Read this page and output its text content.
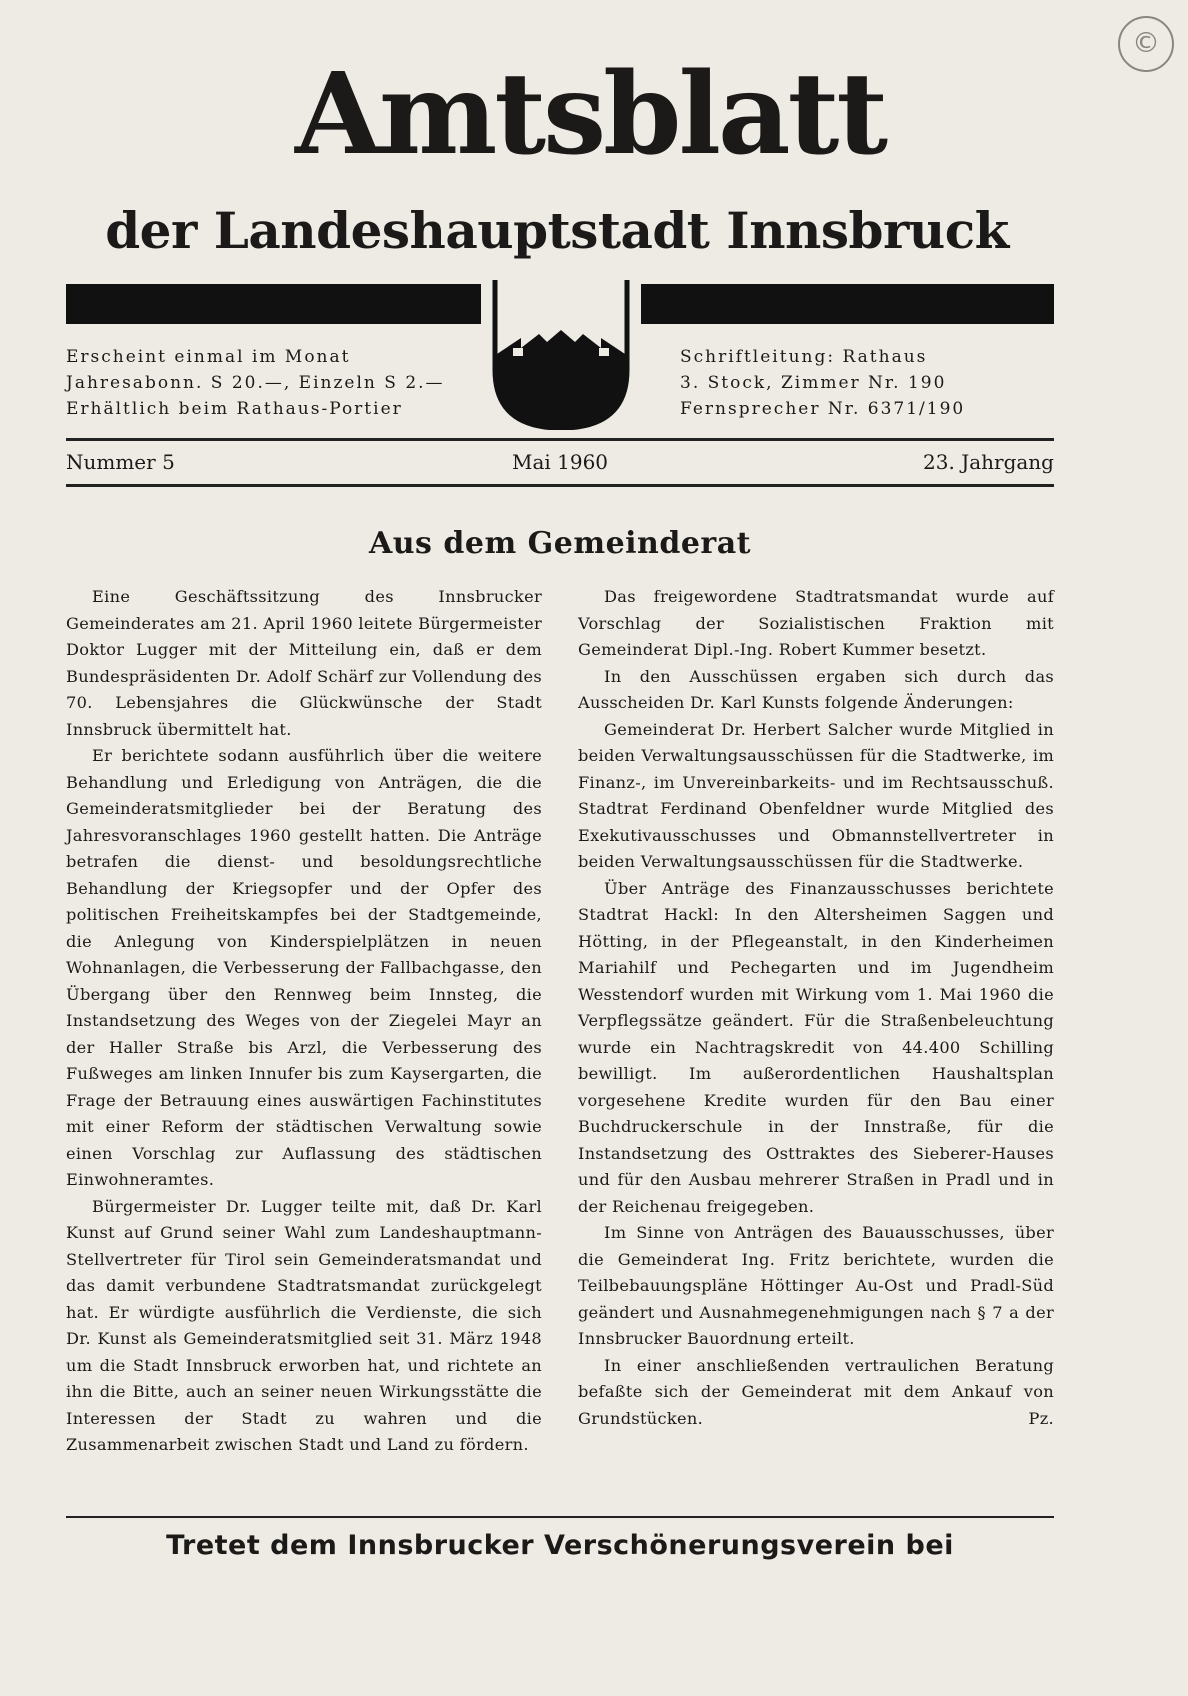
©
Amtsblatt
der Landeshauptstadt Innsbruck
Erscheint einmal im Monat
Jahresabonn. S 20.—, Einzeln S 2.—
Erhältlich beim Rathaus-Portier
Schriftleitung: Rathaus
3. Stock, Zimmer Nr. 190
Fernsprecher Nr. 6371/190
Nummer 5	Mai 1960	23. Jahrgang
Aus dem Gemeinderat

Eine Geschäftssitzung des Innsbrucker Gemeinderates am 21. April 1960 leitete Bürgermeister Doktor Lugger mit der Mitteilung ein, daß er dem Bundespräsidenten Dr. Adolf Schärf zur Vollendung des 70. Lebensjahres die Glückwünsche der Stadt Innsbruck übermittelt hat.

Er berichtete sodann ausführlich über die weitere Behandlung und Erledigung von Anträgen, die die Gemeinderatsmitglieder bei der Beratung des Jahresvoranschlages 1960 gestellt hatten. Die Anträge betrafen die dienst- und besoldungsrechtliche Behandlung der Kriegsopfer und der Opfer des politischen Freiheitskampfes bei der Stadtgemeinde, die Anlegung von Kinderspielplätzen in neuen Wohnanlagen, die Verbesserung der Fallbachgasse, den Übergang über den Rennweg beim Innsteg, die Instandsetzung des Weges von der Ziegelei Mayr an der Haller Straße bis Arzl, die Verbesserung des Fußweges am linken Innufer bis zum Kaysergarten, die Frage der Betrauung eines auswärtigen Fachinstitutes mit einer Reform der städtischen Verwaltung sowie einen Vorschlag zur Auflassung des städtischen Einwohneramtes.

Bürgermeister Dr. Lugger teilte mit, daß Dr. Karl Kunst auf Grund seiner Wahl zum Landeshauptmann-Stellvertreter für Tirol sein Gemeinderatsmandat und das damit verbundene Stadtratsmandat zurückgelegt hat. Er würdigte ausführlich die Verdienste, die sich Dr. Kunst als Gemeinderatsmitglied seit 31. März 1948 um die Stadt Innsbruck erworben hat, und richtete an ihn die Bitte, auch an seiner neuen Wirkungsstätte die Interessen der Stadt zu wahren und die Zusammenarbeit zwischen Stadt und Land zu fördern.

Das freigewordene Stadtratsmandat wurde auf Vorschlag der Sozialistischen Fraktion mit Gemeinderat Dipl.-Ing. Robert Kummer besetzt.

In den Ausschüssen ergaben sich durch das Ausscheiden Dr. Karl Kunsts folgende Änderungen:

Gemeinderat Dr. Herbert Salcher wurde Mitglied in beiden Verwaltungsausschüssen für die Stadtwerke, im Finanz-, im Unvereinbarkeits- und im Rechtsausschuß. Stadtrat Ferdinand Obenfeldner wurde Mitglied des Exekutivausschusses und Obmannstellvertreter in beiden Verwaltungsausschüssen für die Stadtwerke.

Über Anträge des Finanzausschusses berichtete Stadtrat Hackl: In den Altersheimen Saggen und Hötting, in der Pflegeanstalt, in den Kinderheimen Mariahilf und Pechegarten und im Jugendheim Wesstendorf wurden mit Wirkung vom 1. Mai 1960 die Verpflegssätze geändert. Für die Straßenbeleuchtung wurde ein Nachtragskredit von 44.400 Schilling bewilligt. Im außerordentlichen Haushaltsplan vorgesehene Kredite wurden für den Bau einer Buchdruckerschule in der Innstraße, für die Instandsetzung des Osttraktes des Sieberer-Hauses und für den Ausbau mehrerer Straßen in Pradl und in der Reichenau freigegeben.

Im Sinne von Anträgen des Bauausschusses, über die Gemeinderat Ing. Fritz berichtete, wurden die Teilbebauungspläne Höttinger Au-Ost und Pradl-Süd geändert und Ausnahmegenehmigungen nach § 7 a der Innsbrucker Bauordnung erteilt.

In einer anschließenden vertraulichen Beratung befaßte sich der Gemeinderat mit dem Ankauf von Grundstücken.	Pz.

Tretet dem Innsbrucker Verschönerungsverein bei
